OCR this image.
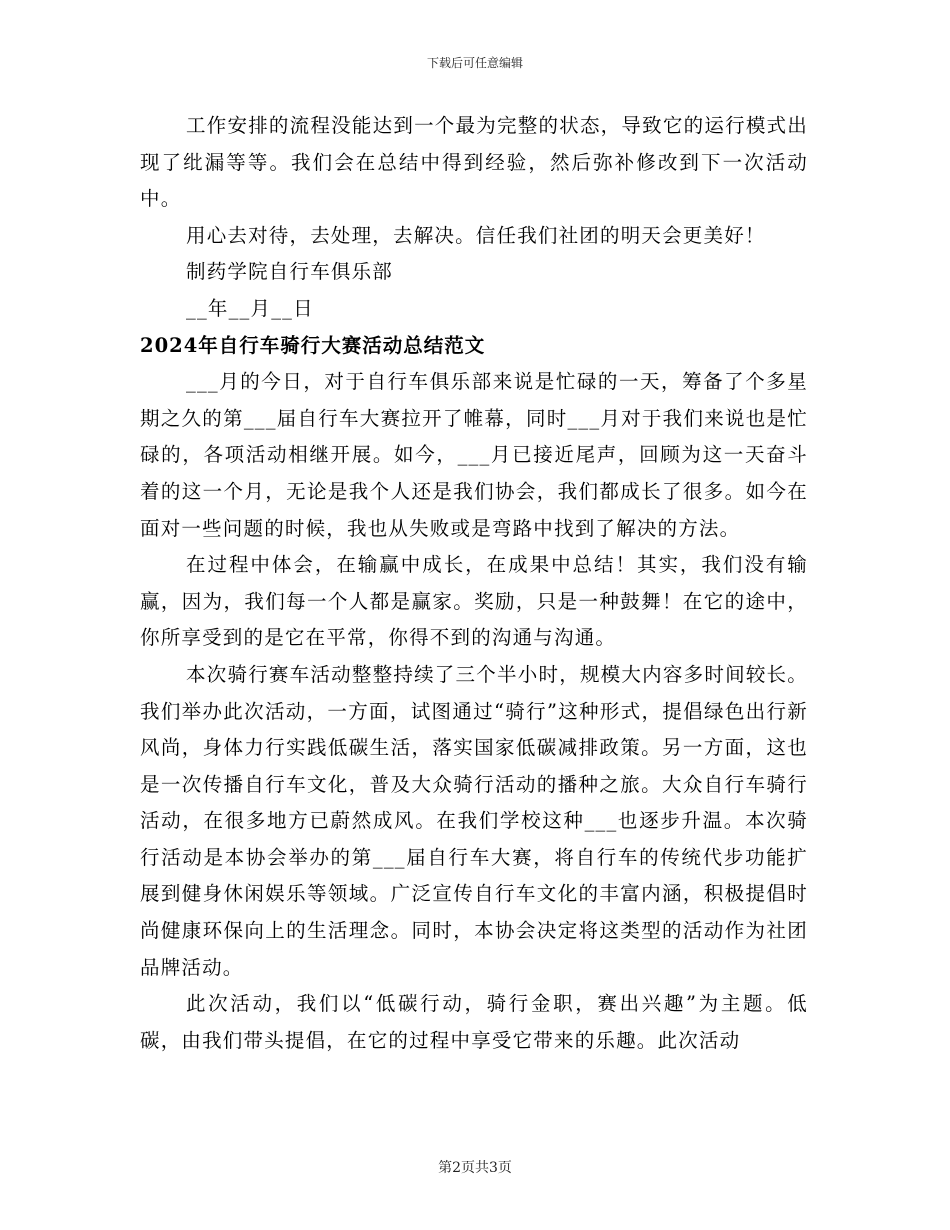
下载后可任意编辑

工作安排的流程没能达到一个最为完整的状态，导致它的运行模式出现了纰漏等等。我们会在总结中得到经验，然后弥补修改到下一次活动中。

用心去对待，去处理，去解决。信任我们社团的明天会更美好！

制药学院自行车俱乐部

__年__月__日

2024年自行车骑行大赛活动总结范文

___月的今日，对于自行车俱乐部来说是忙碌的一天，筹备了个多星期之久的第___届自行车大赛拉开了帷幕，同时___月对于我们来说也是忙碌的，各项活动相继开展。如今，___月已接近尾声，回顾为这一天奋斗着的这一个月，无论是我个人还是我们协会，我们都成长了很多。如今在面对一些问题的时候，我也从失败或是弯路中找到了解决的方法。

在过程中体会，在输赢中成长，在成果中总结！其实，我们没有输赢，因为，我们每一个人都是赢家。奖励，只是一种鼓舞！在它的途中，你所享受到的是它在平常，你得不到的沟通与沟通。

本次骑行赛车活动整整持续了三个半小时，规模大内容多时间较长。我们举办此次活动，一方面，试图通过“骑行”这种形式，提倡绿色出行新风尚，身体力行实践低碳生活，落实国家低碳减排政策。另一方面，这也是一次传播自行车文化，普及大众骑行活动的播种之旅。大众自行车骑行活动，在很多地方已蔚然成风。在我们学校这种___也逐步升温。本次骑行活动是本协会举办的第___届自行车大赛，将自行车的传统代步功能扩展到健身休闲娱乐等领域。广泛宣传自行车文化的丰富内涵，积极提倡时尚健康环保向上的生活理念。同时，本协会决定将这类型的活动作为社团品牌活动。

此次活动，我们以“低碳行动，骑行金职，赛出兴趣”为主题。低碳，由我们带头提倡，在它的过程中享受它带来的乐趣。此次活动

第2页共3页
